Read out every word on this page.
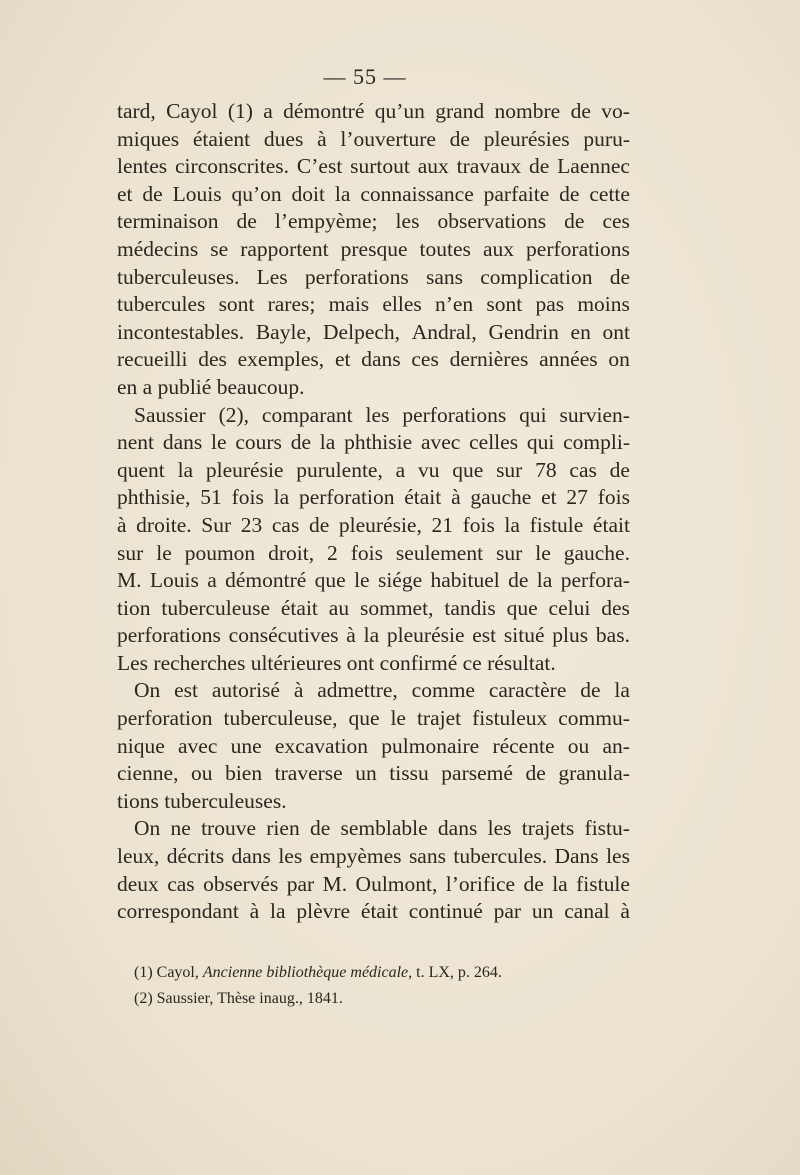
— 55 —
tard, Cayol (1) a démontré qu’un grand nombre de vo-
miques étaient dues à l’ouverture de pleurésies puru-
lentes circonscrites. C’est surtout aux travaux de Laennec
et de Louis qu’on doit la connaissance parfaite de cette
terminaison de l’empyème; les observations de ces
médecins se rapportent presque toutes aux perforations
tuberculeuses. Les perforations sans complication de
tubercules sont rares; mais elles n’en sont pas moins
incontestables. Bayle, Delpech, Andral, Gendrin en ont
recueilli des exemples, et dans ces dernières années on
en a publié beaucoup.
Saussier (2), comparant les perforations qui survien-
nent dans le cours de la phthisie avec celles qui compli-
quent la pleurésie purulente, a vu que sur 78 cas de
phthisie, 51 fois la perforation était à gauche et 27 fois
à droite. Sur 23 cas de pleurésie, 21 fois la fistule était
sur le poumon droit, 2 fois seulement sur le gauche.
M. Louis a démontré que le siége habituel de la perfora-
tion tuberculeuse était au sommet, tandis que celui des
perforations consécutives à la pleurésie est situé plus bas.
Les recherches ultérieures ont confirmé ce résultat.
On est autorisé à admettre, comme caractère de la
perforation tuberculeuse, que le trajet fistuleux commu-
nique avec une excavation pulmonaire récente ou an-
cienne, ou bien traverse un tissu parsemé de granula-
tions tuberculeuses.
On ne trouve rien de semblable dans les trajets fistu-
leux, décrits dans les empyèmes sans tubercules. Dans les
deux cas observés par M. Oulmont, l’orifice de la fistule
correspondant à la plèvre était continué par un canal à
(1) Cayol, Ancienne bibliothèque médicale, t. LX, p. 264.
(2) Saussier, Thèse inaug., 1841.
